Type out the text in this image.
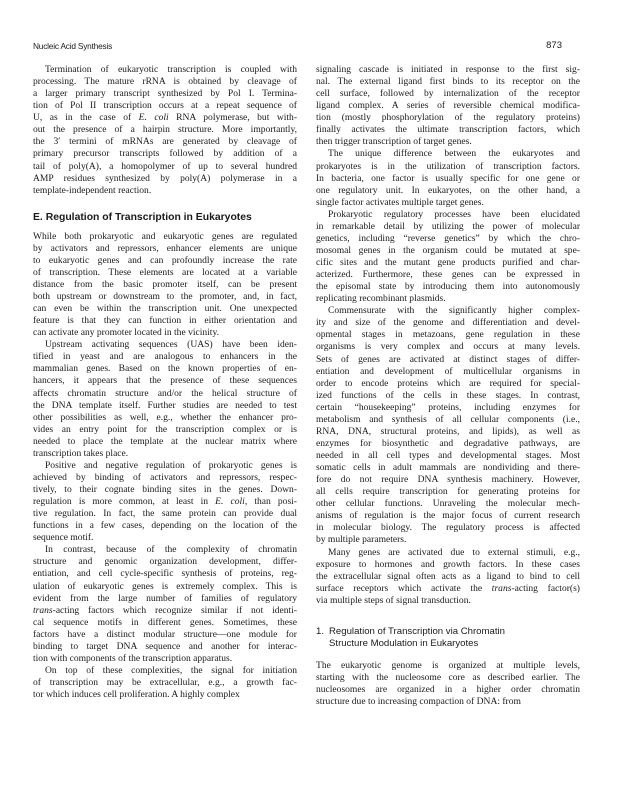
Nucleic Acid Synthesis	873
Termination of eukaryotic transcription is coupled with
processing. The mature rRNA is obtained by cleavage of
a larger primary transcript synthesized by Pol I. Termina-
tion of Pol II transcription occurs at a repeat sequence of
U, as in the case of E. coli RNA polymerase, but with-
out the presence of a hairpin structure. More importantly,
the 3′ termini of mRNAs are generated by cleavage of
primary precursor transcripts followed by addition of a
tail of poly(A), a homopolymer of up to several hundred
AMP residues synthesized by poly(A) polymerase in a
template-independent reaction.
E. Regulation of Transcription in Eukaryotes
While both prokaryotic and eukaryotic genes are regulated
by activators and repressors, enhancer elements are unique
to eukaryotic genes and can profoundly increase the rate
of transcription. These elements are located at a variable
distance from the basic promoter itself, can be present
both upstream or downstream to the promoter, and, in fact,
can even be within the transcription unit. One unexpected
feature is that they can function in either orientation and
can activate any promoter located in the vicinity.
Upstream activating sequences (UAS) have been iden-
tified in yeast and are analogous to enhancers in the
mammalian genes. Based on the known properties of en-
hancers, it appears that the presence of these sequences
affects chromatin structure and/or the helical structure of
the DNA template itself. Further studies are needed to test
other possibilities as well, e.g., whether the enhancer pro-
vides an entry point for the transcription complex or is
needed to place the template at the nuclear matrix where
transcription takes place.
Positive and negative regulation of prokaryotic genes is
achieved by binding of activators and repressors, respec-
tively, to their cognate binding sites in the genes. Down-
regulation is more common, at least in E. coli, than posi-
tive regulation. In fact, the same protein can provide dual
functions in a few cases, depending on the location of the
sequence motif.
In contrast, because of the complexity of chromatin
structure and genomic organization development, differ-
entiation, and cell cycle-specific synthesis of proteins, reg-
ulation of eukaryotic genes is extremely complex. This is
evident from the large number of families of regulatory
trans-acting factors which recognize similar if not identi-
cal sequence motifs in different genes. Sometimes, these
factors have a distinct modular structure—one module for
binding to target DNA sequence and another for interac-
tion with components of the transcription apparatus.
On top of these complexities, the signal for initiation
of transcription may be extracellular, e.g., a growth fac-
tor which induces cell proliferation. A highly complex
signaling cascade is initiated in response to the first sig-
nal. The external ligand first binds to its receptor on the
cell surface, followed by internalization of the receptor
ligand complex. A series of reversible chemical modifica-
tion (mostly phosphorylation of the regulatory proteins)
finally activates the ultimate transcription factors, which
then trigger transcription of target genes.
The unique difference between the eukaryotes and
prokaryotes is in the utilization of transcription factors.
In bacteria, one factor is usually specific for one gene or
one regulatory unit. In eukaryotes, on the other hand, a
single factor activates multiple target genes.
Prokaryotic regulatory processes have been elucidated
in remarkable detail by utilizing the power of molecular
genetics, including “reverse genetics” by which the chro-
mosomal genes in the organism could be mutated at spe-
cific sites and the mutant gene products purified and char-
acterized. Furthermore, these genes can be expressed in
the episomal state by introducing them into autonomously
replicating recombinant plasmids.
Commensurate with the significantly higher complex-
ity and size of the genome and differentiation and devel-
opmental stages in metazoans, gene regulation in these
organisms is very complex and occurs at many levels.
Sets of genes are activated at distinct stages of differ-
entiation and development of multicellular organisms in
order to encode proteins which are required for special-
ized functions of the cells in these stages. In contrast,
certain “housekeeping” proteins, including enzymes for
metabolism and synthesis of all cellular components (i.e.,
RNA, DNA, structural proteins, and lipids), as well as
enzymes for biosynthetic and degradative pathways, are
needed in all cell types and developmental stages. Most
somatic cells in adult mammals are nondividing and there-
fore do not require DNA synthesis machinery. However,
all cells require transcription for generating proteins for
other cellular functions. Unraveling the molecular mech-
anisms of regulation is the major focus of current research
in molecular biology. The regulatory process is affected
by multiple parameters.
Many genes are activated due to external stimuli, e.g.,
exposure to hormones and growth factors. In these cases
the extracellular signal often acts as a ligand to bind to cell
surface receptors which activate the trans-acting factor(s)
via multiple steps of signal transduction.
1. Regulation of Transcription via Chromatin
Structure Modulation in Eukaryotes
The eukaryotic genome is organized at multiple levels,
starting with the nucleosome core as described earlier. The
nucleosomes are organized in a higher order chromatin
structure due to increasing compaction of DNA: from
